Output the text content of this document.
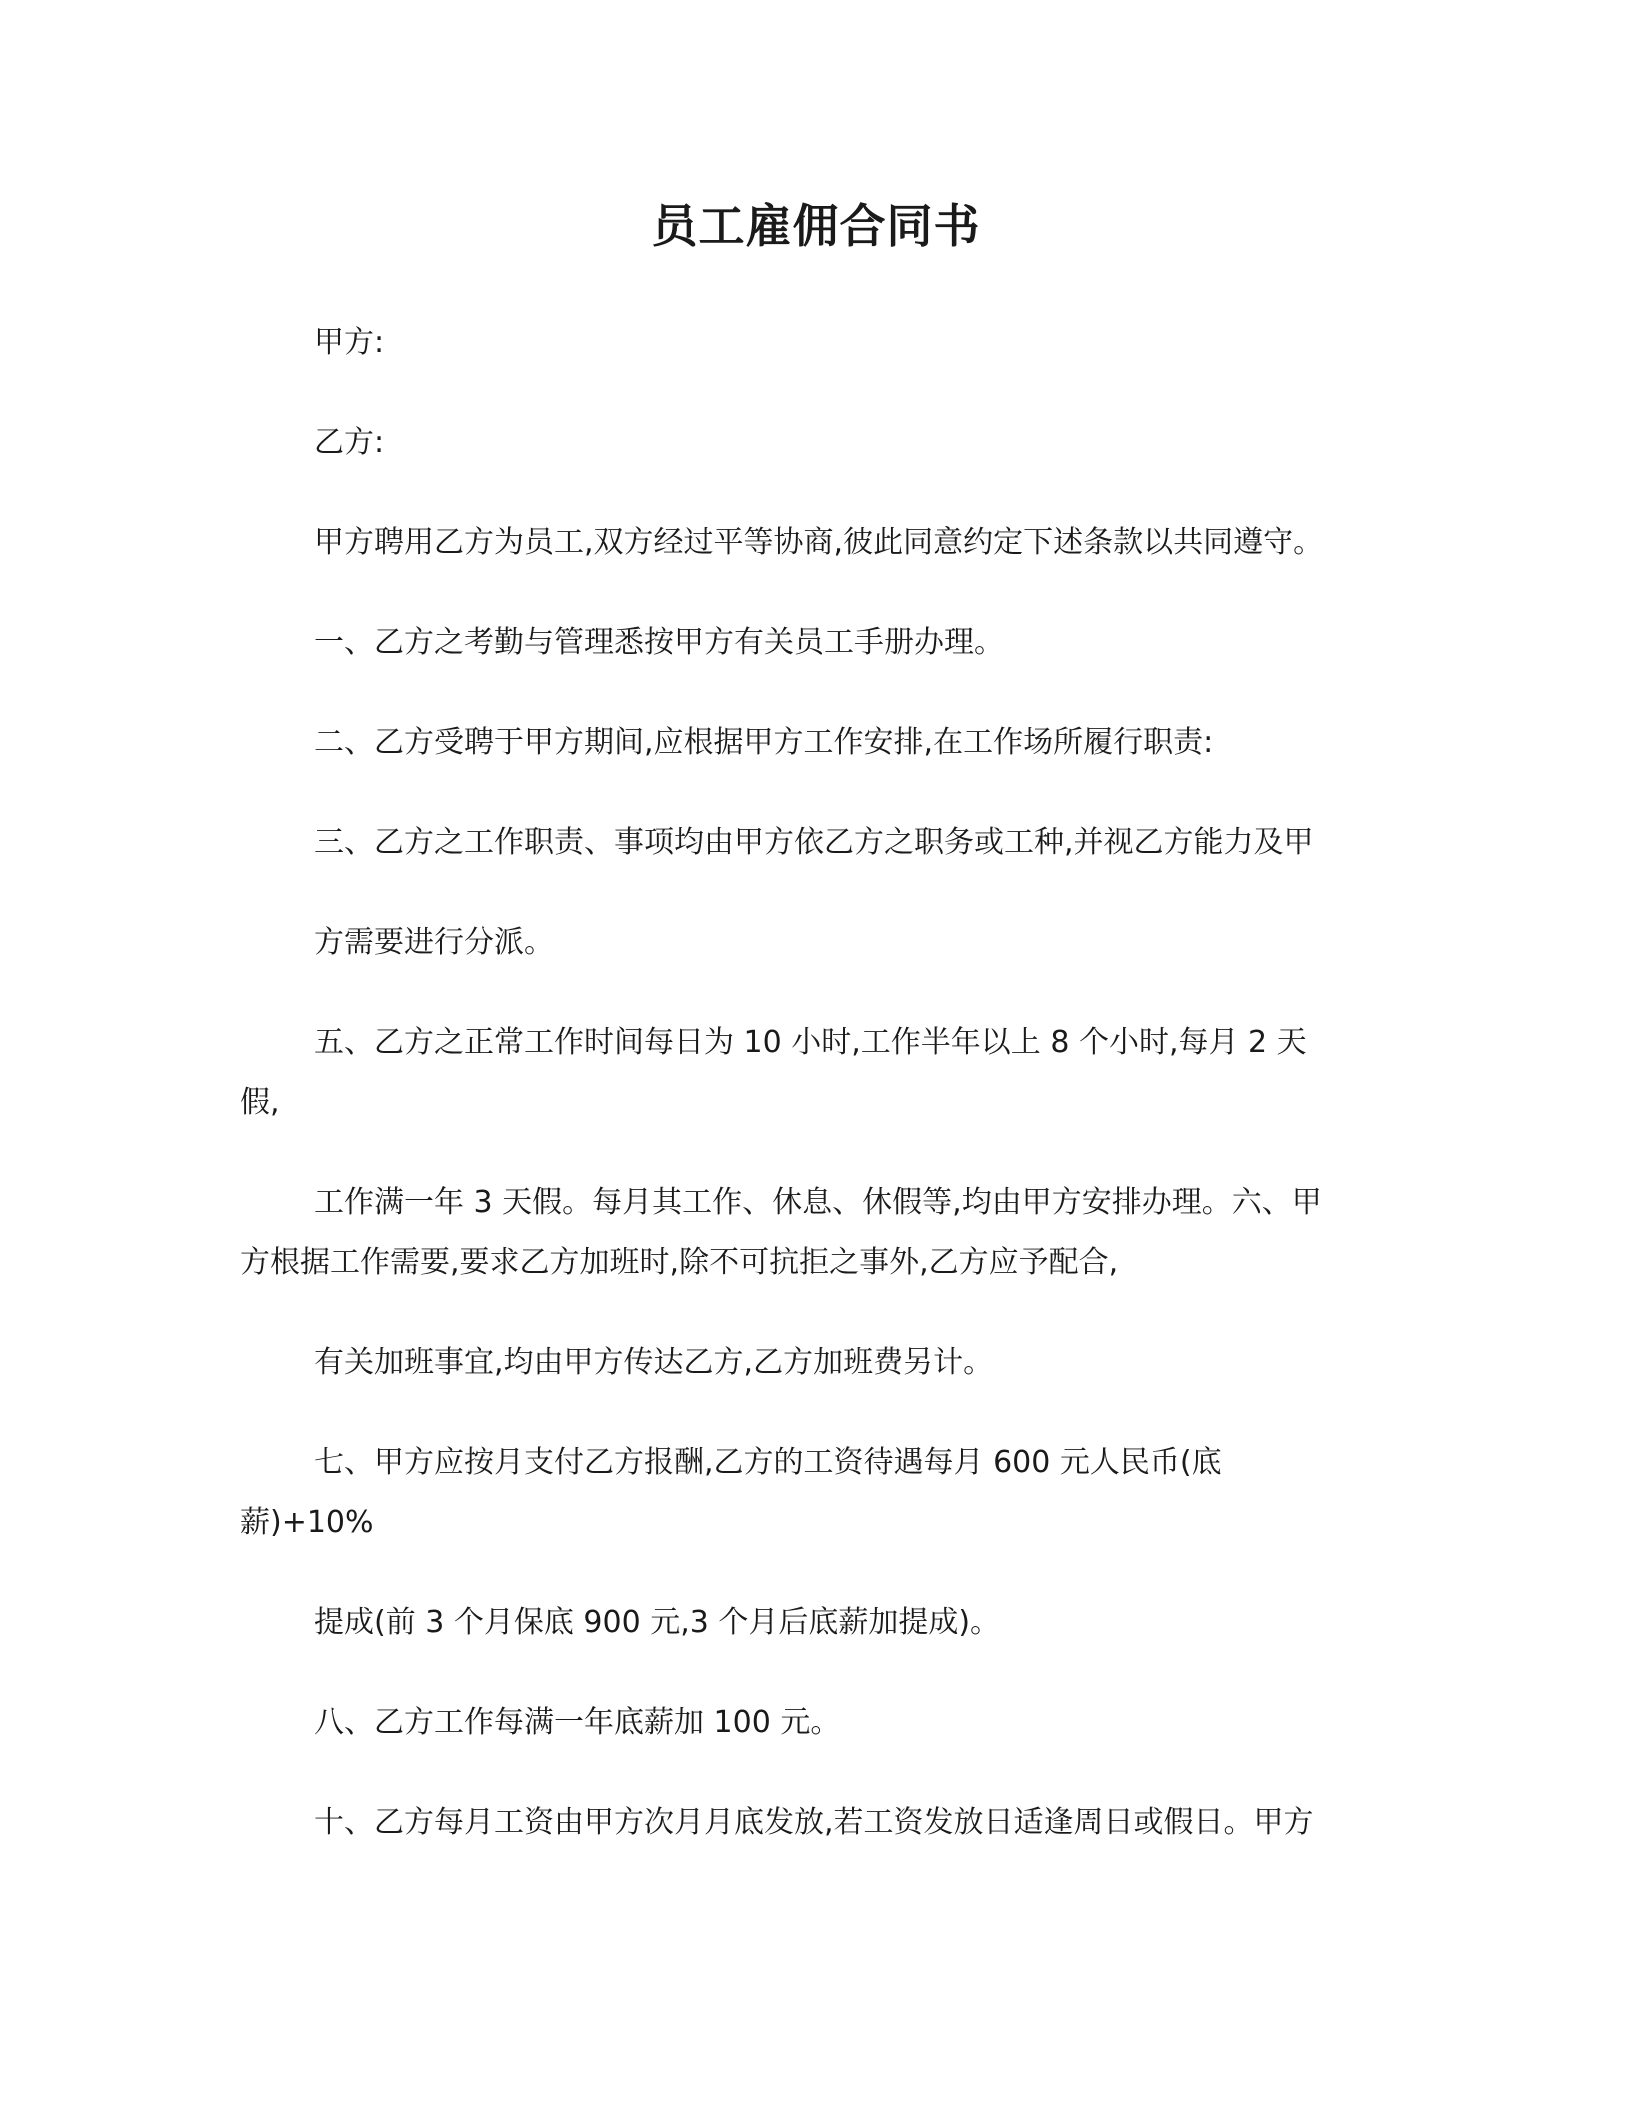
员工雇佣合同书

甲方:

乙方:

甲方聘用乙方为员工,双方经过平等协商,彼此同意约定下述条款以共同遵守。

一、乙方之考勤与管理悉按甲方有关员工手册办理。

二、乙方受聘于甲方期间,应根据甲方工作安排,在工作场所履行职责:

三、乙方之工作职责、事项均由甲方依乙方之职务或工种,并视乙方能力及甲

方需要进行分派。

五、乙方之正常工作时间每日为 10 小时,工作半年以上 8 个小时,每月 2 天

假,

工作满一年 3 天假。每月其工作、休息、休假等,均由甲方安排办理。六、甲

方根据工作需要,要求乙方加班时,除不可抗拒之事外,乙方应予配合,

有关加班事宜,均由甲方传达乙方,乙方加班费另计。

七、甲方应按月支付乙方报酬,乙方的工资待遇每月 600 元人民币(底

薪)+10%

提成(前 3 个月保底 900 元,3 个月后底薪加提成)。

八、乙方工作每满一年底薪加 100 元。

十、乙方每月工资由甲方次月月底发放,若工资发放日适逢周日或假日。甲方
